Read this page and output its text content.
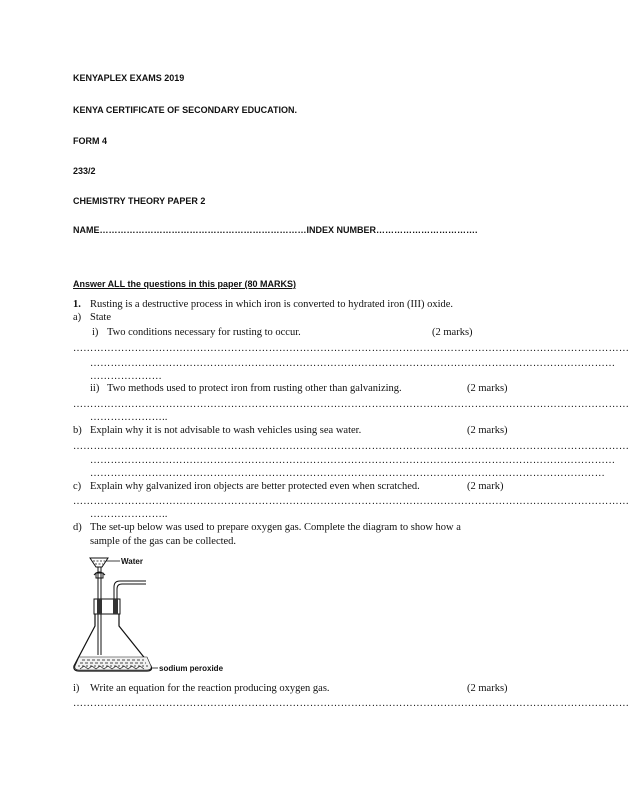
KENYAPLEX EXAMS 2019
KENYA CERTIFICATE OF SECONDARY EDUCATION.
FORM 4
233/2
CHEMISTRY THEORY PAPER 2
NAME……………………………………………………………INDEX NUMBER…………………………….
Answer ALL the questions in this paper (80 MARKS)
1. Rusting is a destructive process in which iron is converted to hydrated iron (III) oxide.
a) State
i) Two conditions necessary for rusting to occur.	(2 marks)
………………………………………………………………………………………………………………………………………………
………………………………………………………………………………………………………………………………………
…………………
ii) Two methods used to protect iron from rusting other than galvanizing.	(2 marks)
………………………………………………………………………………………………………………………………………………
…………………..
b) Explain why it is not advisable to wash vehicles using sea water.	(2 marks)
………………………………………………………………………………………………………………………………………………
………………………………………………………………………………………………………………………………………
……………………………………………………………………………………………………………………………………
c) Explain why galvanized iron objects are better protected even when scratched.	(2 mark)
………………………………………………………………………………………………………………………………………………
…………………..
d) The set-up below was used to prepare oxygen gas. Complete the diagram to show how a
sample of the gas can be collected.
Water
sodium peroxide
i) Write an equation for the reaction producing oxygen gas.	(2 marks)
………………………………………………………………………………………………………………………………………………
